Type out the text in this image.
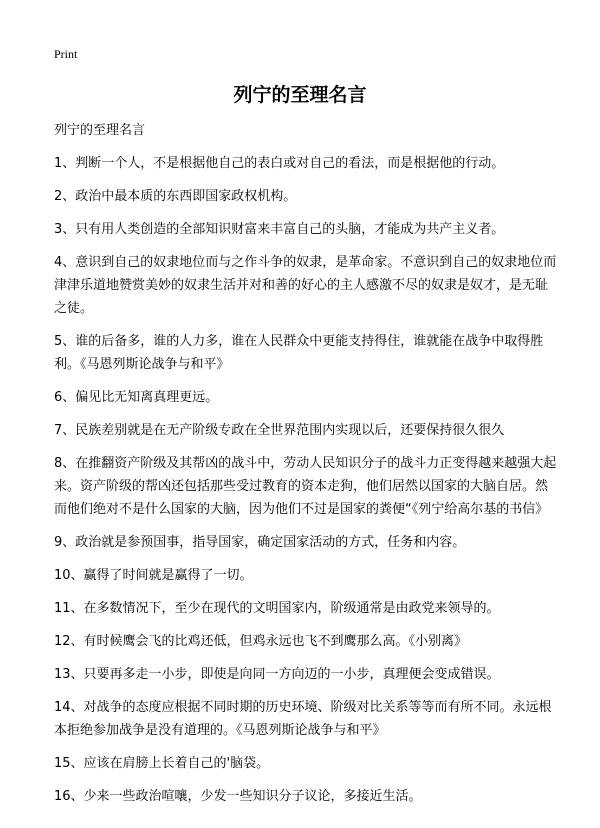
Print
列宁的至理名言

列宁的至理名言

1、判断一个人，不是根据他自己的表白或对自己的看法，而是根据他的行动。

2、政治中最本质的东西即国家政权机构。

3、只有用人类创造的全部知识财富来丰富自己的头脑，才能成为共产主义者。

4、意识到自己的奴隶地位而与之作斗争的奴隶，是革命家。不意识到自己的奴隶地位而津津乐道地赞赏美妙的奴隶生活并对和善的好心的主人感激不尽的奴隶是奴才，是无耻之徒。

5、谁的后备多，谁的人力多，谁在人民群众中更能支持得住，谁就能在战争中取得胜利。《马恩列斯论战争与和平》

6、偏见比无知离真理更远。

7、民族差别就是在无产阶级专政在全世界范围内实现以后，还要保持很久很久

8、在推翻资产阶级及其帮凶的战斗中，劳动人民知识分子的战斗力正变得越来越强大起来。资产阶级的帮凶还包括那些受过教育的资本走狗，他们居然以国家的大脑自居。然而他们绝对不是什么国家的大脑，因为他们不过是国家的粪便“《列宁给高尔基的书信》

9、政治就是参预国事，指导国家，确定国家活动的方式，任务和内容。

10、赢得了时间就是赢得了一切。

11、在多数情况下，至少在现代的文明国家内，阶级通常是由政党来领导的。

12、有时候鹰会飞的比鸡还低，但鸡永远也飞不到鹰那么高。《小别离》

13、只要再多走一小步，即使是向同一方向迈的一小步，真理便会变成错误。

14、对战争的态度应根据不同时期的历史环境、阶级对比关系等等而有所不同。永远根本拒绝参加战争是没有道理的。《马恩列斯论战争与和平》

15、应该在肩膀上长着自己的'脑袋。

16、少来一些政治喧嚷，少发一些知识分子议论，多接近生活。
